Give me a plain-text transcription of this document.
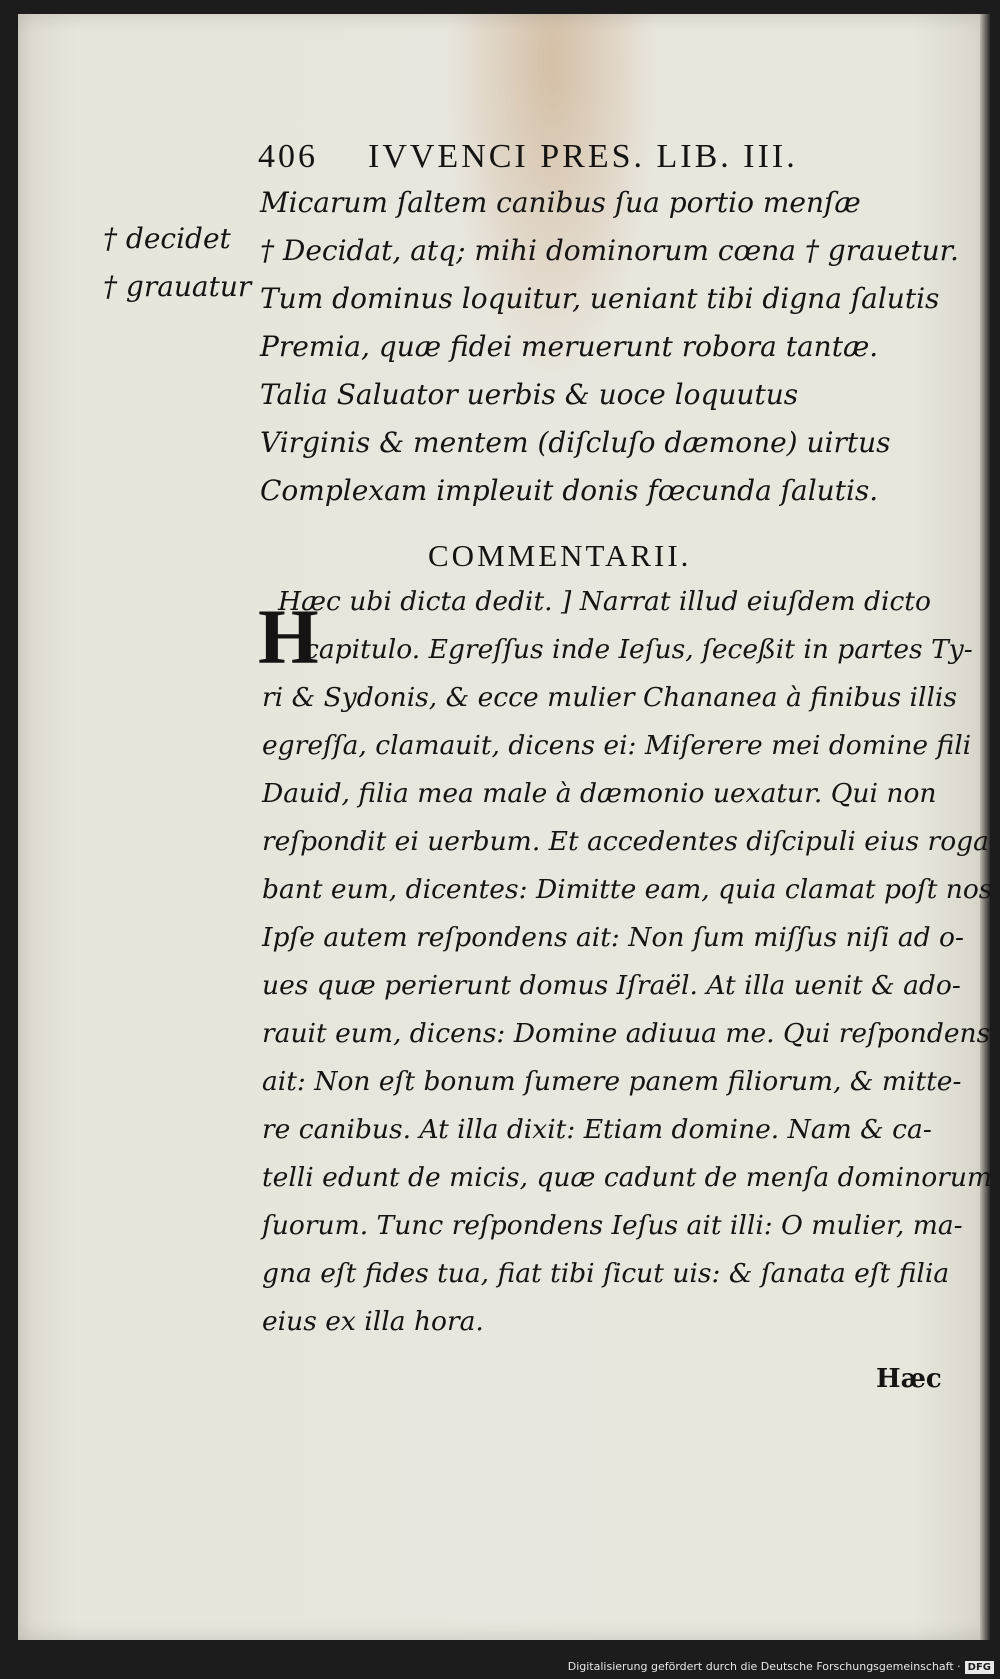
406 IVVENCI PRES. LIB. III.
† decidet
† grauatur
Micarum ſaltem canibus ſua portio menſæ
† Decidat, atq; mihi dominorum cœna † grauetur.
Tum dominus loquitur, ueniant tibi digna ſalutis
Premia, quæ fidei meruerunt robora tantæ.
Talia Saluator uerbis & uoce loquutus
Virginis & mentem (diſcluſo dæmone) uirtus
Complexam impleuit donis fœcunda ſalutis.
COMMENTARII.
H
Hæc ubi dicta dedit. ] Narrat illud eiuſdem dicto
capitulo. Egreſſus inde Ieſus, ſeceßit in partes Ty-
ri & Sydonis, & ecce mulier Chananea à finibus illis
egreſſa, clamauit, dicens ei: Miſerere mei domine fili
Dauid, filia mea male à dæmonio uexatur. Qui non
reſpondit ei uerbum. Et accedentes diſcipuli eius roga
bant eum, dicentes: Dimitte eam, quia clamat poſt nos
Ipſe autem reſpondens ait: Non ſum miſſus niſi ad o-
ues quæ perierunt domus Iſraël. At illa uenit & ado-
rauit eum, dicens: Domine adiuua me. Qui reſpondens
ait: Non eſt bonum ſumere panem filiorum, & mitte-
re canibus. At illa dixit: Etiam domine. Nam & ca-
telli edunt de micis, quæ cadunt de menſa dominorum
ſuorum. Tunc reſpondens Ieſus ait illi: O mulier, ma-
gna eſt fides tua, fiat tibi ſicut uis: & ſanata eſt filia
eius ex illa hora.
Hæc
Digitalisierung gefördert durch die Deutsche Forschungsgemeinschaft · DFG
